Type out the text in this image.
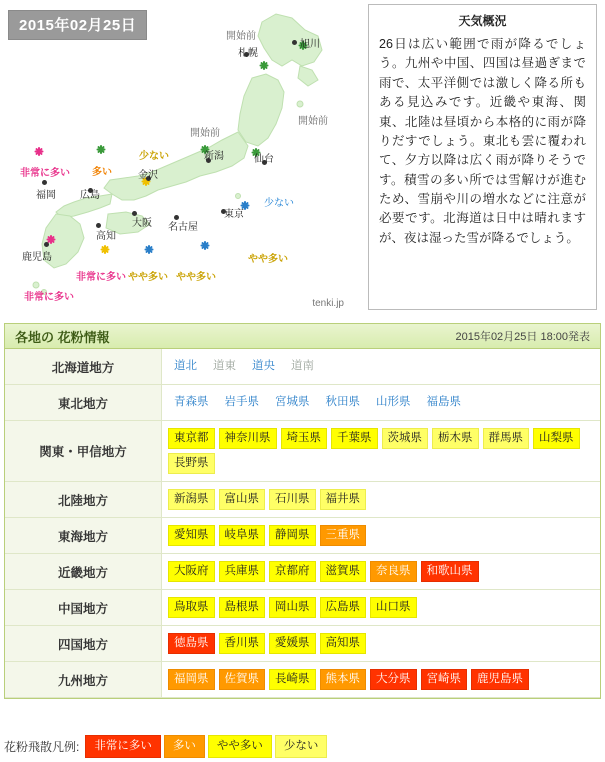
2015年02月25日
開始前
札幌
旭川
開始前
開始前
新潟	仙台
少ない
金沢
多い
非常に多い
福岡 広島
大阪 名古屋
東京
少ない
高知
鹿児島	やや多い
やや多い
やや多い
非常に多い
非常に多い
tenki.jp
天気概況

26日は広い範囲で雨が降るでしょう。九州や中国、四国は昼過ぎまで雨で、太平洋側では激しく降る所もある見込みです。近畿や東海、関東、北陸は昼頃から本格的に雨が降りだすでしょう。東北も雲に覆われて、夕方以降は広く雨が降りそうです。積雪の多い所では雪解けが進むため、雪崩や川の増水などに注意が必要です。北海道は日中は晴れますが、夜は湿った雪が降るでしょう。

各地の 花粉情報	2015年02月25日 18:00発表
北海道地方	道北 道東 道央 道南
東北地方	青森県 岩手県 宮城県 秋田県 山形県 福島県
関東・甲信地方	東京都 神奈川県 埼玉県 千葉県 茨城県 栃木県 群馬県 山梨県長野県
北陸地方	新潟県 富山県 石川県 福井県
東海地方	愛知県 岐阜県 静岡県 三重県
近畿地方	大阪府 兵庫県 京都府 滋賀県 奈良県 和歌山県
中国地方	鳥取県 島根県 岡山県 広島県 山口県
四国地方	徳島県 香川県 愛媛県 高知県
九州地方	福岡県 佐賀県 長崎県 熊本県 大分県 宮崎県 鹿児島県
花粉飛散凡例:	非常に多い 多い やや多い 少ない
